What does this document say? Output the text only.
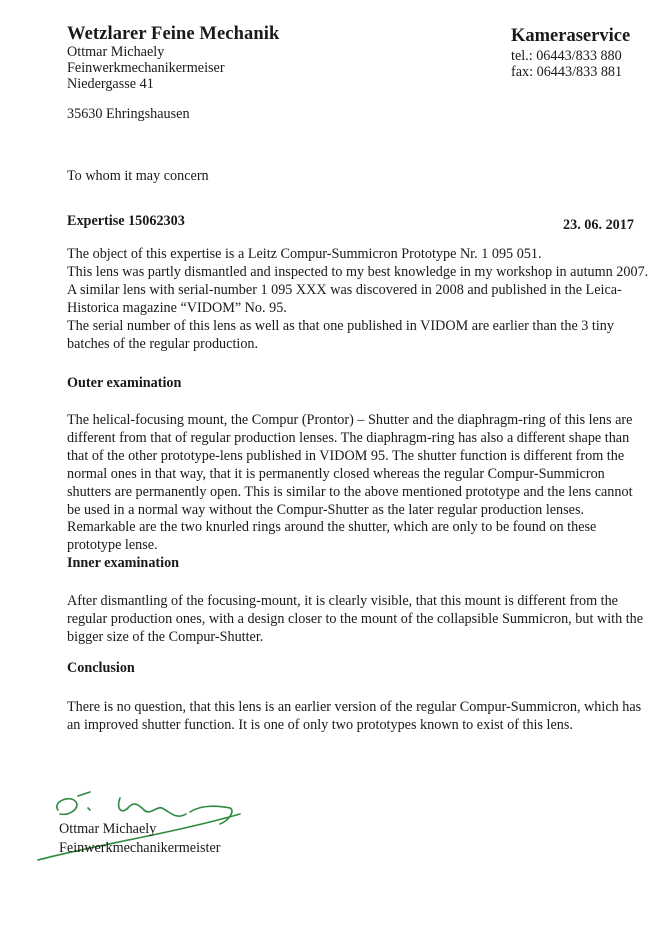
Wetzlarer Feine Mechanik
Ottmar Michaely
Feinwerkmechanikermeiser
Niedergasse 41
35630 Ehringshausen
Kameraservice
tel.: 06443/833 880
fax: 06443/833 881
To whom it may concern
Expertise 15062303	23. 06. 2017
The object of this expertise is a Leitz Compur-Summicron Prototype Nr. 1 095 051.
This lens was partly dismantled and inspected to my best knowledge in my workshop in autumn 2007.
A similar lens with serial-number 1 095 XXX was discovered in 2008 and published in the Leica-Historica magazine “VIDOM” No. 95.
The serial number of this lens as well as that one published in VIDOM are earlier than the 3 tiny batches of the regular production.
Outer examination
The helical-focusing mount, the Compur (Prontor) – Shutter and the diaphragm-ring of this lens are different from that of regular production lenses. The diaphragm-ring has also a different shape than that of the other prototype-lens published in VIDOM 95. The shutter function is different from the normal ones in that way, that it is permanently closed whereas the regular Compur-Summicron shutters are permanently open. This is similar to the above mentioned prototype and the lens cannot be used in a normal way without the Compur-Shutter as the later regular production lenses. Remarkable are the two knurled rings around the shutter, which are only to be found on these prototype lense.
Inner examination
After dismantling of the focusing-mount, it is clearly visible, that this mount is different from the regular production ones, with a design closer to the mount of the collapsible Summicron, but with the bigger size of the Compur-Shutter.
Conclusion
There is no question, that this lens is an earlier version of the regular Compur-Summicron, which has an improved shutter function. It is one of only two prototypes known to exist of this lens.
Ottmar Michaely
Feinwerkmechanikermeister
